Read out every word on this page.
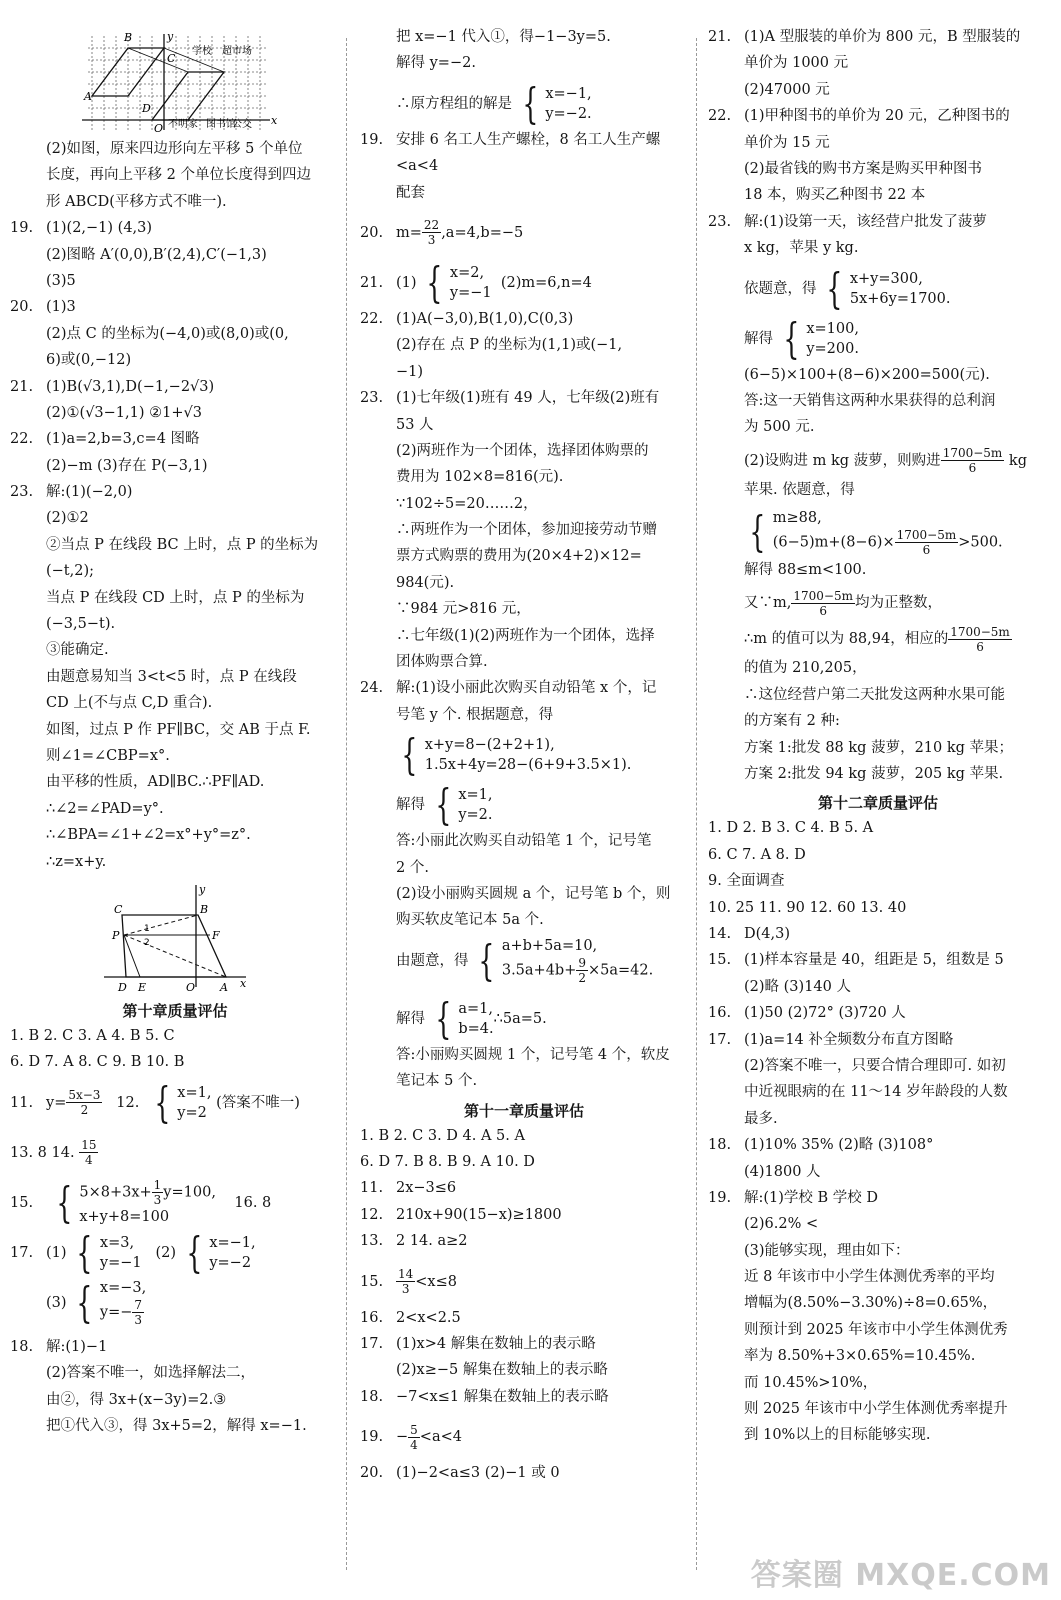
B	y
A
C
D
O
x
学校 超市场
图书馆
公交
不明家
(2)如图，原来四边形向左平移 5 个单位
长度，再向上平移 2 个单位长度得到四边
形 ABCD(平移方式不唯一).
19. (1)(2,−1) (4,3)
(2)图略 A′(0,0),B′(2,4),C′(−1,3)
(3)5
20. (1)3
(2)点 C 的坐标为(−4,0)或(8,0)或(0,
6)或(0,−12)
21. (1)B(√3,1),D(−1,−2√3)
(2)①(√3−1,1) ②1+√3
22. (1)a=2,b=3,c=4 图略
(2)−m (3)存在 P(−3,1)
23. 解:(1)(−2,0)
(2)①2
②当点 P 在线段 BC 上时，点 P 的坐标为
(−t,2);
当点 P 在线段 CD 上时，点 P 的坐标为
(−3,5−t).
③能确定.
由题意易知当 3<t<5 时，点 P 在线段
CD 上(不与点 C,D 重合).
如图，过点 P 作 PF∥BC，交 AB 于点 F.
则∠1=∠CBP=x°.
由平移的性质，AD∥BC.∴PF∥AD.
∴∠2=∠PAD=y°.
∴∠BPA=∠1+∠2=x°+y°=z°.
∴z=x+y.
y
C	B
P	F
D E	O A x
1
2
第十章质量评估
1. B 2. C 3. A 4. B 5. C
6. D 7. A 8. C 9. B 10. B
11. $y= \frac{5x-3}{2} 12$. { x=1,
y=2
(答案不唯一)
13. 8 14. $\frac{15}{4}$
15. { $5\times 8+3x+ \frac{1}{3} y=100$,
x+y+8=100
16. 8
17. (1) { x=3,
y=−1
(2) { x=−1,
y=−2
(3) { x=−3,
$y=- \frac{7}{3}$
18. 解:(1)−1
(2)答案不唯一，如选择解法二，
由②，得 3x+(x−3y)=2.③
把①代入③，得 3x+5=2，解得 x=−1.
把 x=−1 代入①，得−1−3y=5.
解得 y=−2.
∴原方程组的解是 { x=−1,
y=−2.
19. 安排 6 名工人生产螺栓，8 名工人生产螺
<a<4
配套
20. $m= \frac{22}{3} ,a=4,b=-5$
21. (1) { x=2,
y=−1
(2)m=6,n=4
22. (1)A(−3,0),B(1,0),C(0,3)
(2)存在 点 P 的坐标为(1,1)或(−1,
−1)
23. (1)七年级(1)班有 49 人，七年级(2)班有
53 人
(2)两班作为一个团体，选择团体购票的
费用为 102×8=816(元).
∵102÷5=20……2，
∴两班作为一个团体，参加迎接劳动节赠
票方式购票的费用为(20×4+2)×12=
984(元).
∵984 元>816 元，
∴七年级(1)(2)两班作为一个团体，选择
团体购票合算.
24. 解:(1)设小丽此次购买自动铅笔 x 个，记
号笔 y 个. 根据题意，得
{ x+y=8−(2+2+1),
1.5x+4y=28−(6+9+3.5×1).
解得 { x=1,
y=2.
答:小丽此次购买自动铅笔 1 个，记号笔
2 个.
(2)设小丽购买圆规 a 个，记号笔 b 个，则
购买软皮笔记本 5a 个.
由题意，得 { a+b+5a=10,
$3.5a+4b+ \frac{9}{2} \times 5a=42$.
解得 { a=1,
b=4.
∴5a=5.
答:小丽购买圆规 1 个，记号笔 4 个，软皮
笔记本 5 个.
第十一章质量评估
1. B 2. C 3. D 4. A 5. A
6. D 7. B 8. B 9. A 10. D
11. 2x−3≤6
12. 210x+90(15−x)≥1800
13. 2 14. a≥2
15. $\frac{14}{3} <x\le 8$
16. 2<x<2.5
17. (1)x>4 解集在数轴上的表示略
(2)x≥−5 解集在数轴上的表示略
18. −7<x≤1 解集在数轴上的表示略
19. − $\frac{5}{4} <a<4$
20. (1)−2<a≤3 (2)−1 或 0
21. (1)A 型服装的单价为 800 元，B 型服装的
单价为 1000 元
(2)47000 元
22. (1)甲种图书的单价为 20 元，乙种图书的
单价为 15 元
(2)最省钱的购书方案是购买甲种图书
18 本，购买乙种图书 22 本
23. 解:(1)设第一天，该经营户批发了菠萝
x kg，苹果 y kg.
依题意，得 { x+y=300,
5x+6y=1700.
解得 { x=100,
y=200.
(6−5)×100+(8−6)×200=500(元).
答:这一天销售这两种水果获得的总利润
为 500 元.
(2)设购进 m kg 菠萝，则购进 $\frac{1700-5m}{6}$ kg
苹果. 依题意，得
{ m≥88,
$(6-5)m+(8-6)\times \frac{1700-5m}{6} >500$.
解得 88≤m<100.
又∵m, $\frac{1700-5m}{6}$ 均为正整数，
∴m 的值可以为 88,94，相应的 $\frac{1700-5m}{6}$
的值为 210,205，
∴这位经营户第二天批发这两种水果可能
的方案有 2 种:
方案 1:批发 88 kg 菠萝，210 kg 苹果；
方案 2:批发 94 kg 菠萝，205 kg 苹果.
第十二章质量评估
1. D 2. B 3. C 4. B 5. A
6. C 7. A 8. D
9. 全面调查
10. 25 11. 90 12. 60 13. 40
14. D(4,3)
15. (1)样本容量是 40，组距是 5，组数是 5
(2)略 (3)140 人
16. (1)50 (2)72° (3)720 人
17. (1)a=14 补全频数分布直方图略
(2)答案不唯一，只要合情合理即可. 如初
中近视眼病的在 11～14 岁年龄段的人数
最多.
18. (1)10% 35% (2)略 (3)108°
(4)1800 人
19. 解:(1)学校 B 学校 D
(2)6.2% <
(3)能够实现，理由如下：
近 8 年该市中小学生体测优秀率的平均
增幅为(8.50%−3.30%)÷8=0.65%，
则预计到 2025 年该市中小学生体测优秀
率为 8.50%+3×0.65%=10.45%.
而 10.45%>10%，
则 2025 年该市中小学生体测优秀率提升
到 10%以上的目标能够实现.
答案圈 MXQE.COM
